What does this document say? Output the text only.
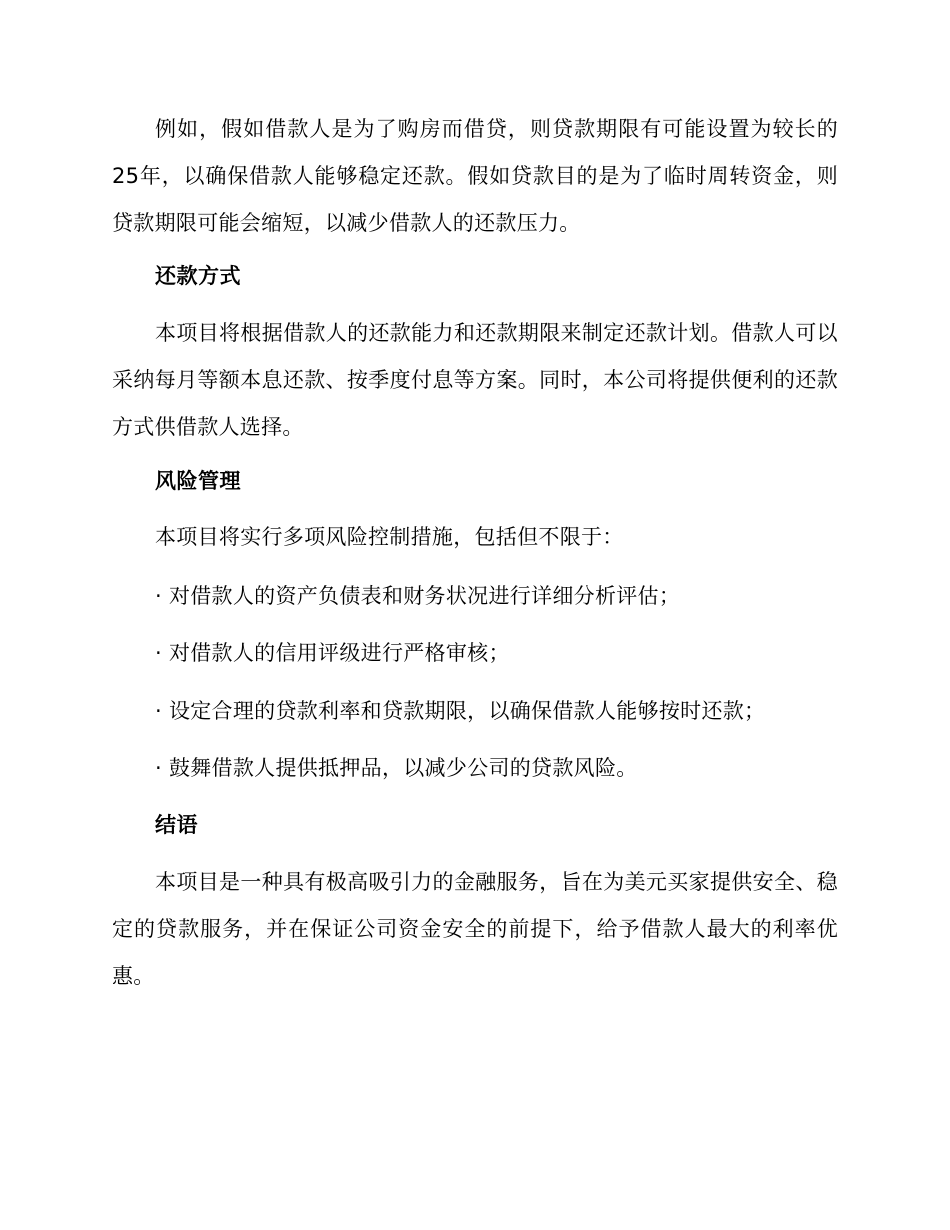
例如，假如借款人是为了购房而借贷，则贷款期限有可能设置为较长的25年，以确保借款人能够稳定还款。假如贷款目的是为了临时周转资金，则贷款期限可能会缩短，以减少借款人的还款压力。

还款方式

本项目将根据借款人的还款能力和还款期限来制定还款计划。借款人可以采纳每月等额本息还款、按季度付息等方案。同时，本公司将提供便利的还款方式供借款人选择。

风险管理

本项目将实行多项风险控制措施，包括但不限于：

· 对借款人的资产负债表和财务状况进行详细分析评估；

· 对借款人的信用评级进行严格审核；

· 设定合理的贷款利率和贷款期限，以确保借款人能够按时还款；

· 鼓舞借款人提供抵押品，以减少公司的贷款风险。

结语

本项目是一种具有极高吸引力的金融服务，旨在为美元买家提供安全、稳定的贷款服务，并在保证公司资金安全的前提下，给予借款人最大的利率优惠。
